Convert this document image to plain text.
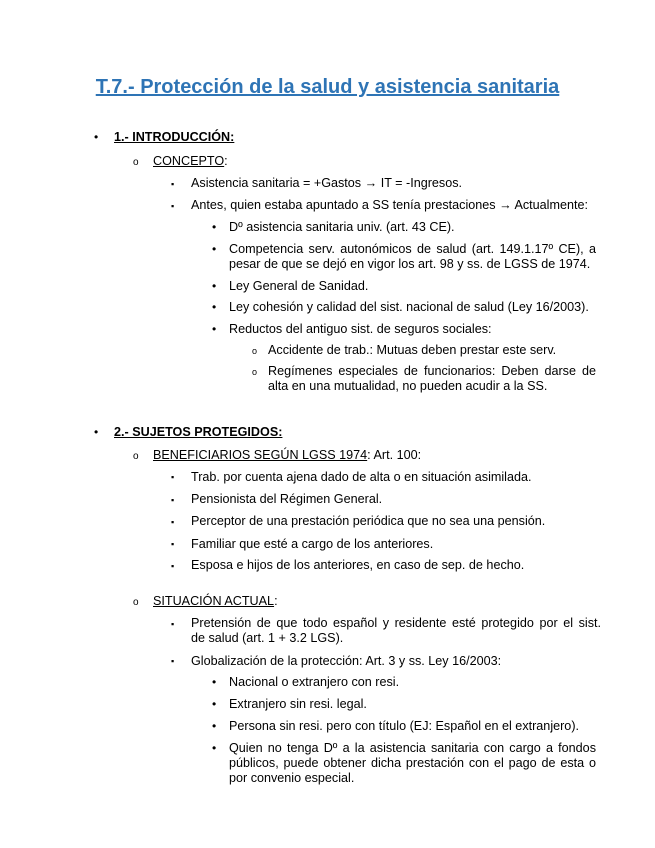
T.7.- Protección de la salud y asistencia sanitaria
• 1.- INTRODUCCIÓN:
o CONCEPTO:
▪ Asistencia sanitaria = +Gastos → IT = -Ingresos.
▪ Antes, quien estaba apuntado a SS tenía prestaciones → Actualmente:
• Dº asistencia sanitaria univ. (art. 43 CE).
• Competencia serv. autonómicos de salud (art. 149.1.17º CE), a
pesar de que se dejó en vigor los art. 98 y ss. de LGSS de 1974.
• Ley General de Sanidad.
• Ley cohesión y calidad del sist. nacional de salud (Ley 16/2003).
• Reductos del antiguo sist. de seguros sociales:
o Accidente de trab.: Mutuas deben prestar este serv.
o Regímenes especiales de funcionarios: Deben darse de
alta en una mutualidad, no pueden acudir a la SS.
• 2.- SUJETOS PROTEGIDOS:
o BENEFICIARIOS SEGÚN LGSS 1974: Art. 100:
▪ Trab. por cuenta ajena dado de alta o en situación asimilada.
▪ Pensionista del Régimen General.
▪ Perceptor de una prestación periódica que no sea una pensión.
▪ Familiar que esté a cargo de los anteriores.
▪ Esposa e hijos de los anteriores, en caso de sep. de hecho.
o SITUACIÓN ACTUAL:
▪ Pretensión de que todo español y residente esté protegido por el sist.
de salud (art. 1 + 3.2 LGS).
▪ Globalización de la protección: Art. 3 y ss. Ley 16/2003:
• Nacional o extranjero con resi.
• Extranjero sin resi. legal.
• Persona sin resi. pero con título (EJ: Español en el extranjero).
• Quien no tenga Dº a la asistencia sanitaria con cargo a fondos
públicos, puede obtener dicha prestación con el pago de esta o
por convenio especial.
